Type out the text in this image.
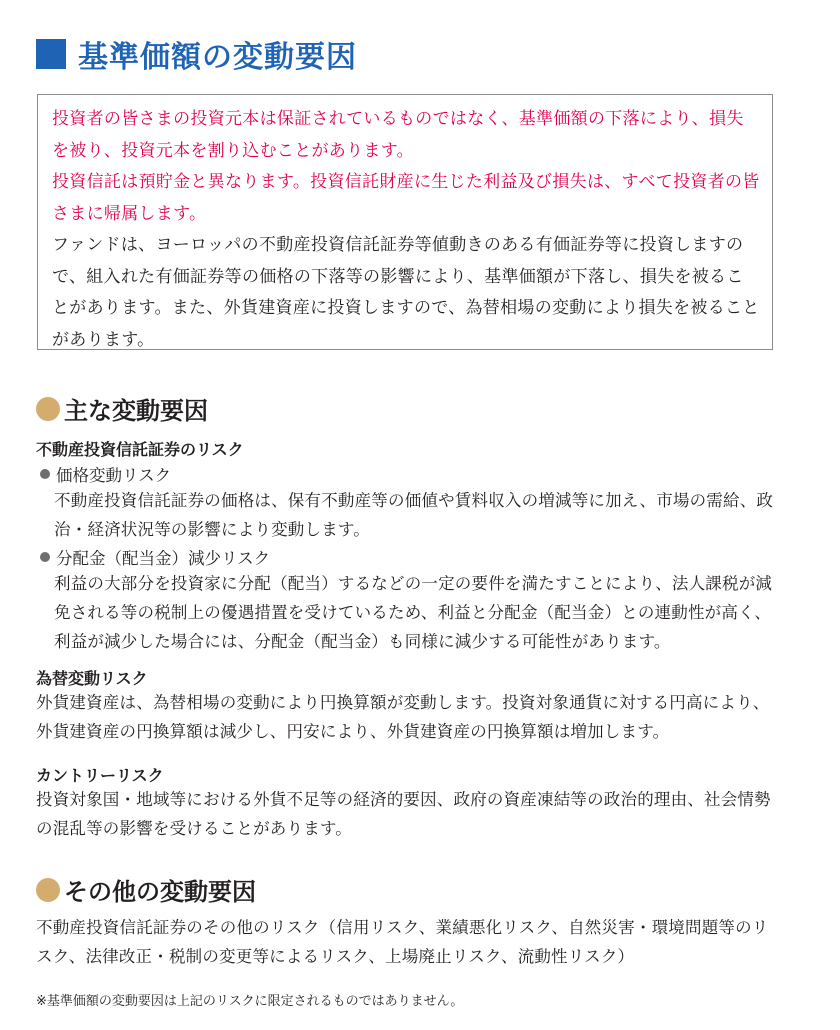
基準価額の変動要因

投資者の皆さまの投資元本は保証されているものではなく、基準価額の下落により、損失を被り、投資元本を割り込むことがあります。

投資信託は預貯金と異なります。投資信託財産に生じた利益及び損失は、すべて投資者の皆さまに帰属します。

ファンドは、ヨーロッパの不動産投資信託証券等値動きのある有価証券等に投資しますので、組入れた有価証券等の価格の下落等の影響により、基準価額が下落し、損失を被ることがあります。また、外貨建資産に投資しますので、為替相場の変動により損失を被ることがあります。

主な変動要因
不動産投資信託証券のリスク
価格変動リスク
不動産投資信託証券の価格は、保有不動産等の価値や賃料収入の増減等に加え、市場の需給、政治・経済状況等の影響により変動します。
分配金（配当金）減少リスク
利益の大部分を投資家に分配（配当）するなどの一定の要件を満たすことにより、法人課税が減免される等の税制上の優遇措置を受けているため、利益と分配金（配当金）との連動性が高く、利益が減少した場合には、分配金（配当金）も同様に減少する可能性があります。
為替変動リスク
外貨建資産は、為替相場の変動により円換算額が変動します。投資対象通貨に対する円高により、外貨建資産の円換算額は減少し、円安により、外貨建資産の円換算額は増加します。
カントリーリスク
投資対象国・地域等における外貨不足等の経済的要因、政府の資産凍結等の政治的理由、社会情勢の混乱等の影響を受けることがあります。
その他の変動要因
不動産投資信託証券のその他のリスク（信用リスク、業績悪化リスク、自然災害・環境問題等のリスク、法律改正・税制の変更等によるリスク、上場廃止リスク、流動性リスク）
※基準価額の変動要因は上記のリスクに限定されるものではありません。
